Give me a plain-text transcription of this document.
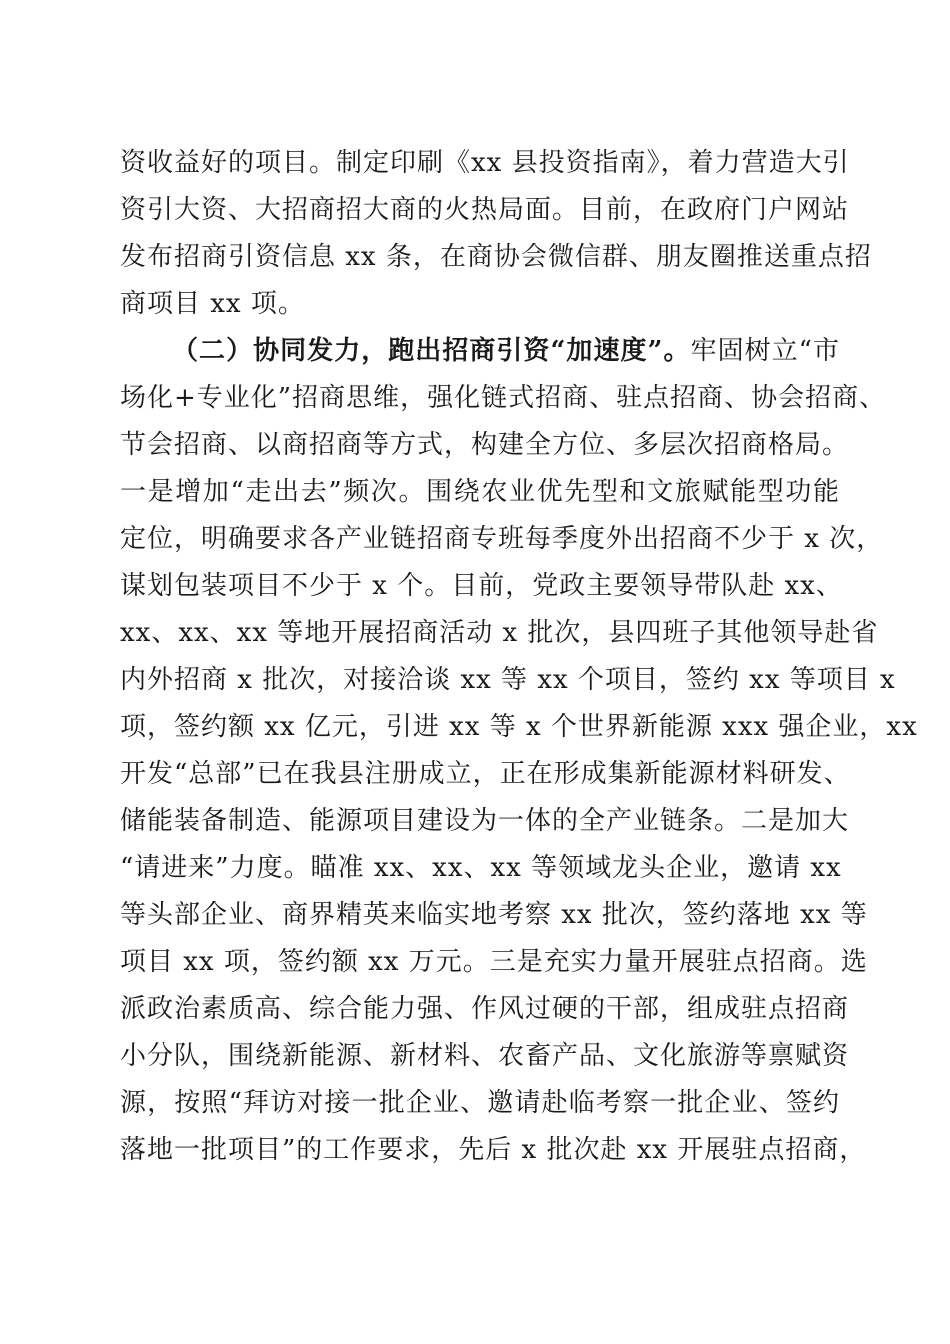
资收益好的项目。制定印刷《xx 县投资指南》，着力营造大引
资引大资、大招商招大商的火热局面。目前，在政府门户网站
发布招商引资信息 xx 条，在商协会微信群、朋友圈推送重点招
商项目 xx 项。
（二）协同发力，跑出招商引资“加速度”。牢固树立“市
场化+专业化”招商思维，强化链式招商、驻点招商、协会招商、
节会招商、以商招商等方式，构建全方位、多层次招商格局。
一是增加“走出去”频次。围绕农业优先型和文旅赋能型功能
定位，明确要求各产业链招商专班每季度外出招商不少于 x 次，
谋划包装项目不少于 x 个。目前，党政主要领导带队赴 xx、
xx、xx、xx 等地开展招商活动 x 批次，县四班子其他领导赴省
内外招商 x 批次，对接洽谈 xx 等 xx 个项目，签约 xx 等项目 x
项，签约额 xx 亿元，引进 xx 等 x 个世界新能源 xxx 强企业，xx
开发“总部”已在我县注册成立，正在形成集新能源材料研发、
储能装备制造、能源项目建设为一体的全产业链条。二是加大
“请进来”力度。瞄准 xx、xx、xx 等领域龙头企业，邀请 xx
等头部企业、商界精英来临实地考察 xx 批次，签约落地 xx 等
项目 xx 项，签约额 xx 万元。三是充实力量开展驻点招商。选
派政治素质高、综合能力强、作风过硬的干部，组成驻点招商
小分队，围绕新能源、新材料、农畜产品、文化旅游等禀赋资
源，按照“拜访对接一批企业、邀请赴临考察一批企业、签约
落地一批项目”的工作要求，先后 x 批次赴 xx 开展驻点招商，
